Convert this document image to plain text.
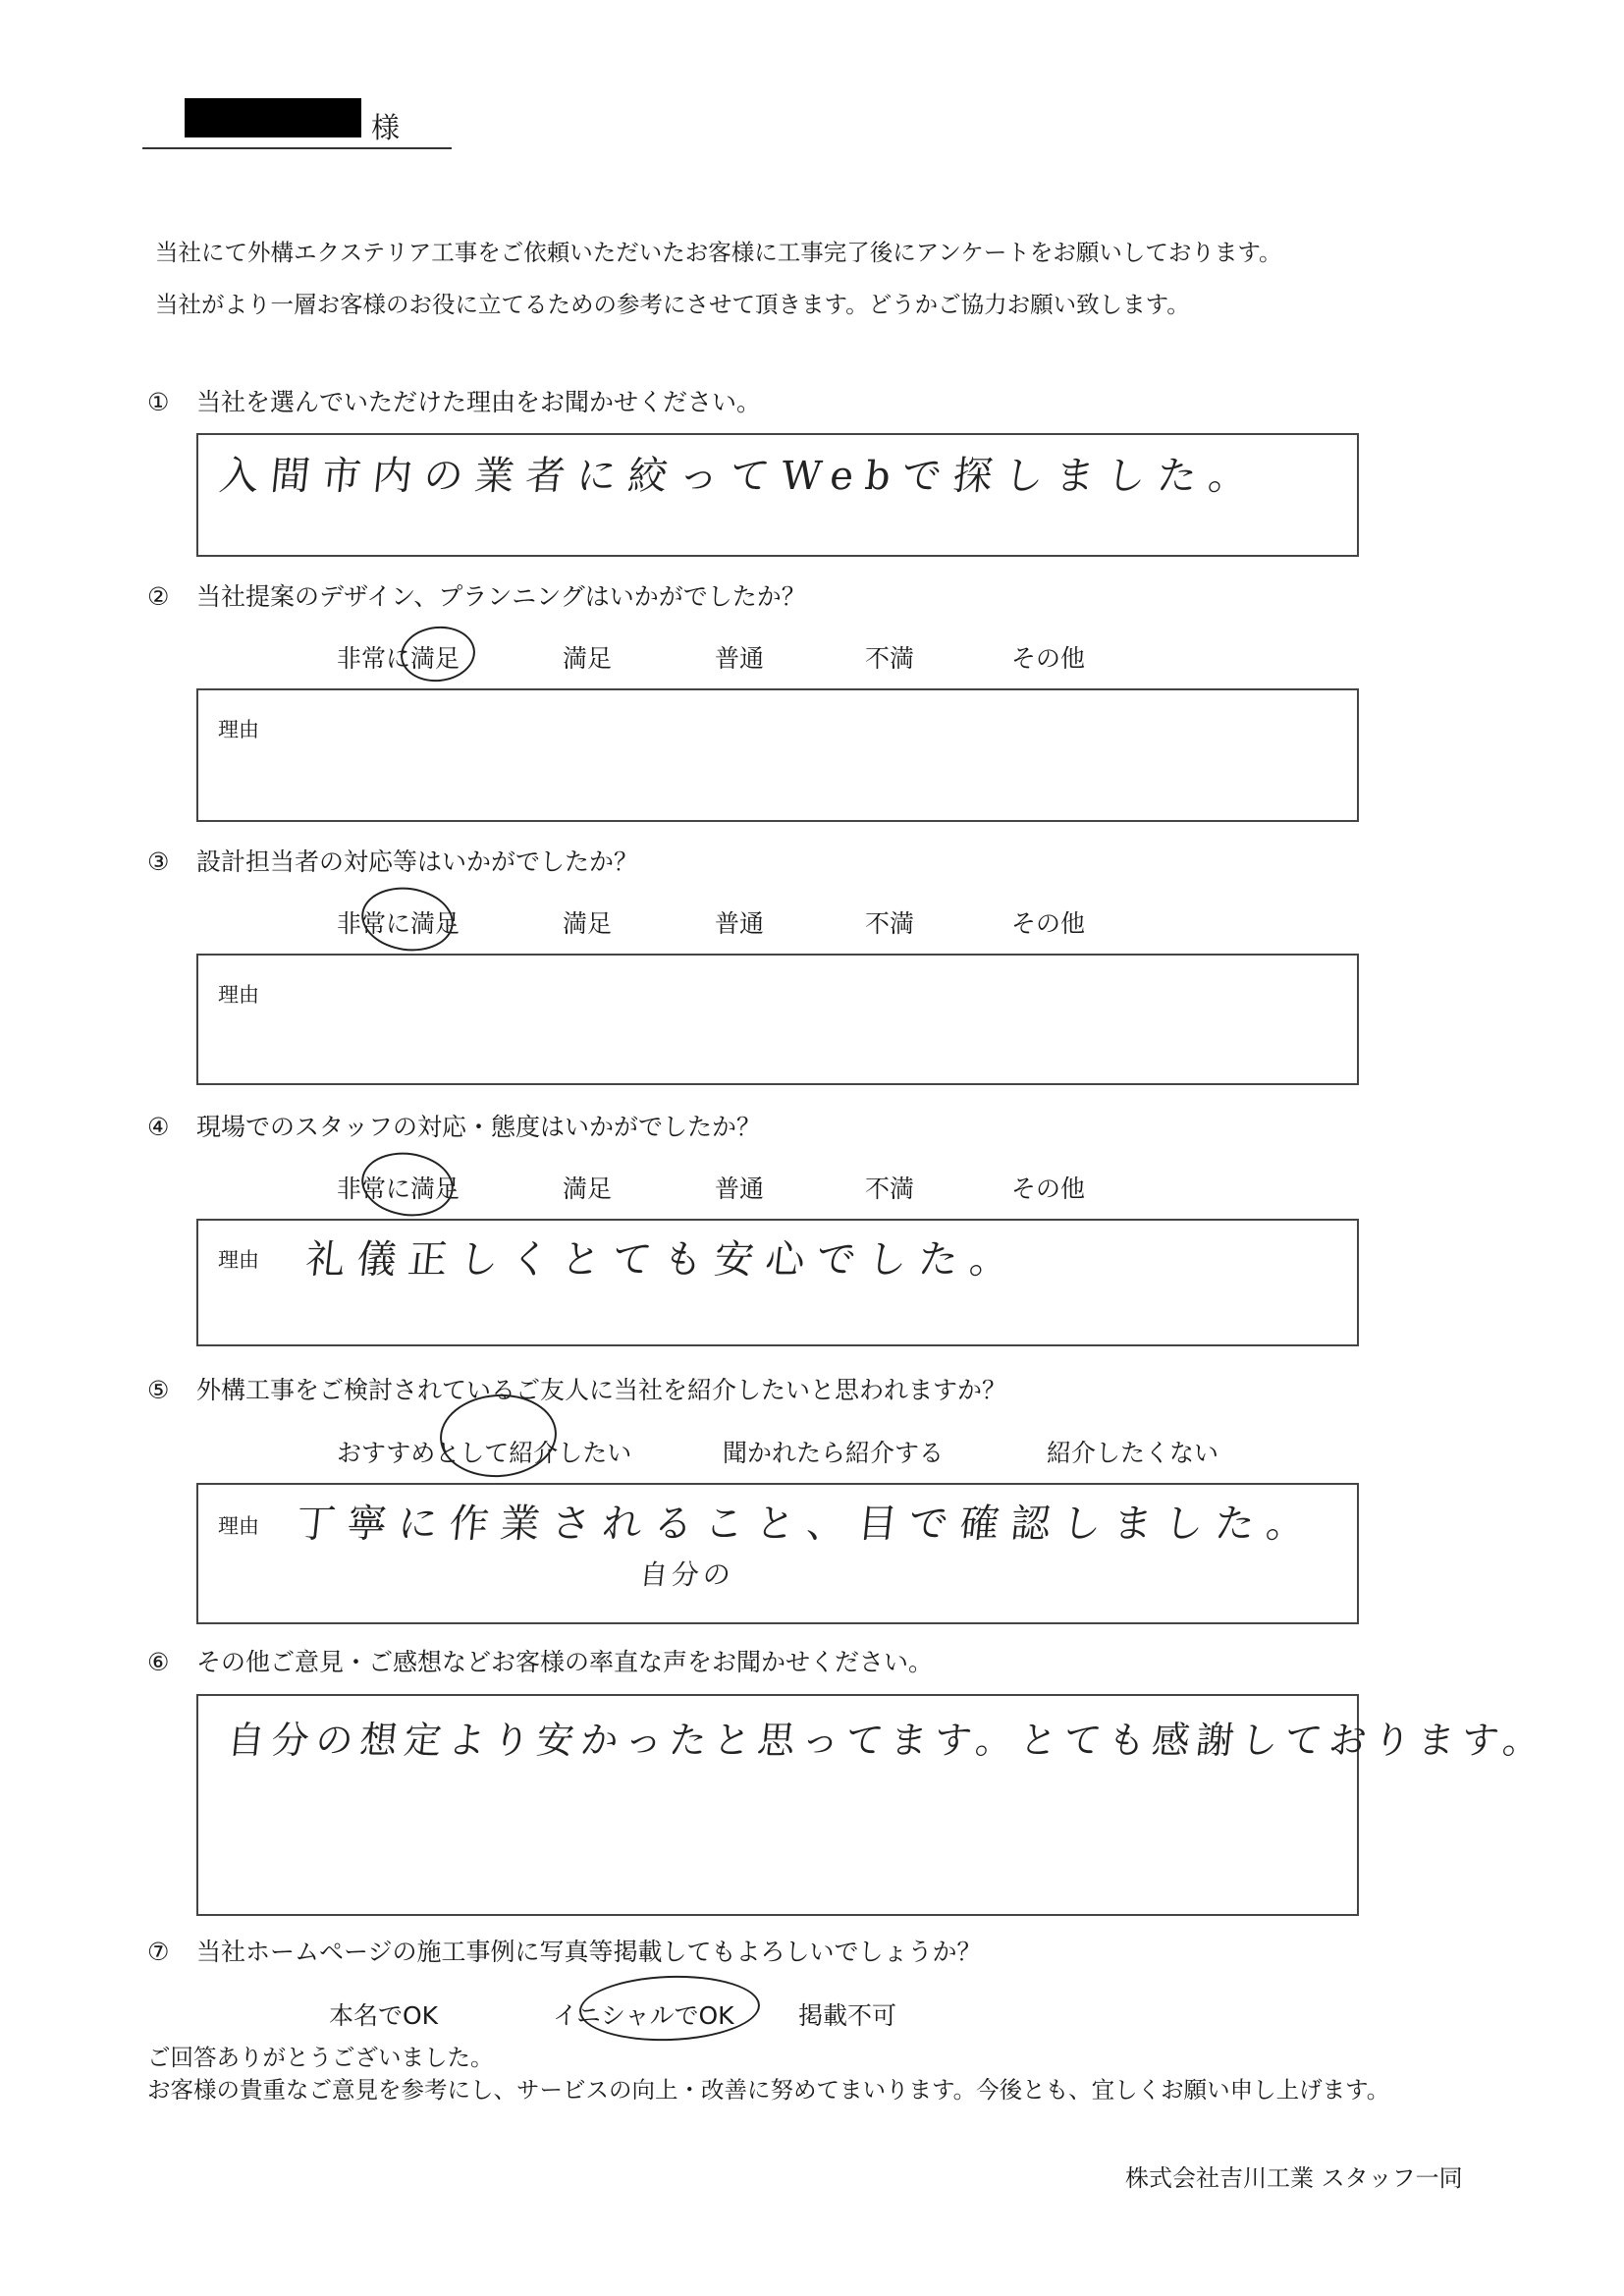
様
当社にて外構エクステリア工事をご依頼いただいたお客様に工事完了後にアンケートをお願いしております。
当社がより一層お客様のお役に立てるための参考にさせて頂きます。どうかご協力お願い致します。
① 当社を選んでいただけた理由をお聞かせください。
入間市内の業者に絞ってWebで探しました。
② 当社提案のデザイン、プランニングはいかがでしたか？
非常に満足	満足	普通	不満	その他
理由
③ 設計担当者の対応等はいかがでしたか？
非常に満足	満足	普通	不満	その他
理由
④ 現場でのスタッフの対応・態度はいかがでしたか？
非常に満足	満足	普通	不満	その他
理由 礼儀正しくとても安心でした。
⑤ 外構工事をご検討されているご友人に当社を紹介したいと思われますか？
おすすめとして紹介したい	聞かれたら紹介する	紹介したくない
理由 丁寧に作業されること、目で確認しました。
自分の
⑥ その他ご意見・ご感想などお客様の率直な声をお聞かせください。
自分の想定より安かったと思ってます。とても感謝しております。
⑦ 当社ホームページの施工事例に写真等掲載してもよろしいでしょうか？
本名でOK	イニシャルでOK	掲載不可
ご回答ありがとうございました。
お客様の貴重なご意見を参考にし、サービスの向上・改善に努めてまいります。今後とも、宜しくお願い申し上げます。
株式会社吉川工業 スタッフ一同
